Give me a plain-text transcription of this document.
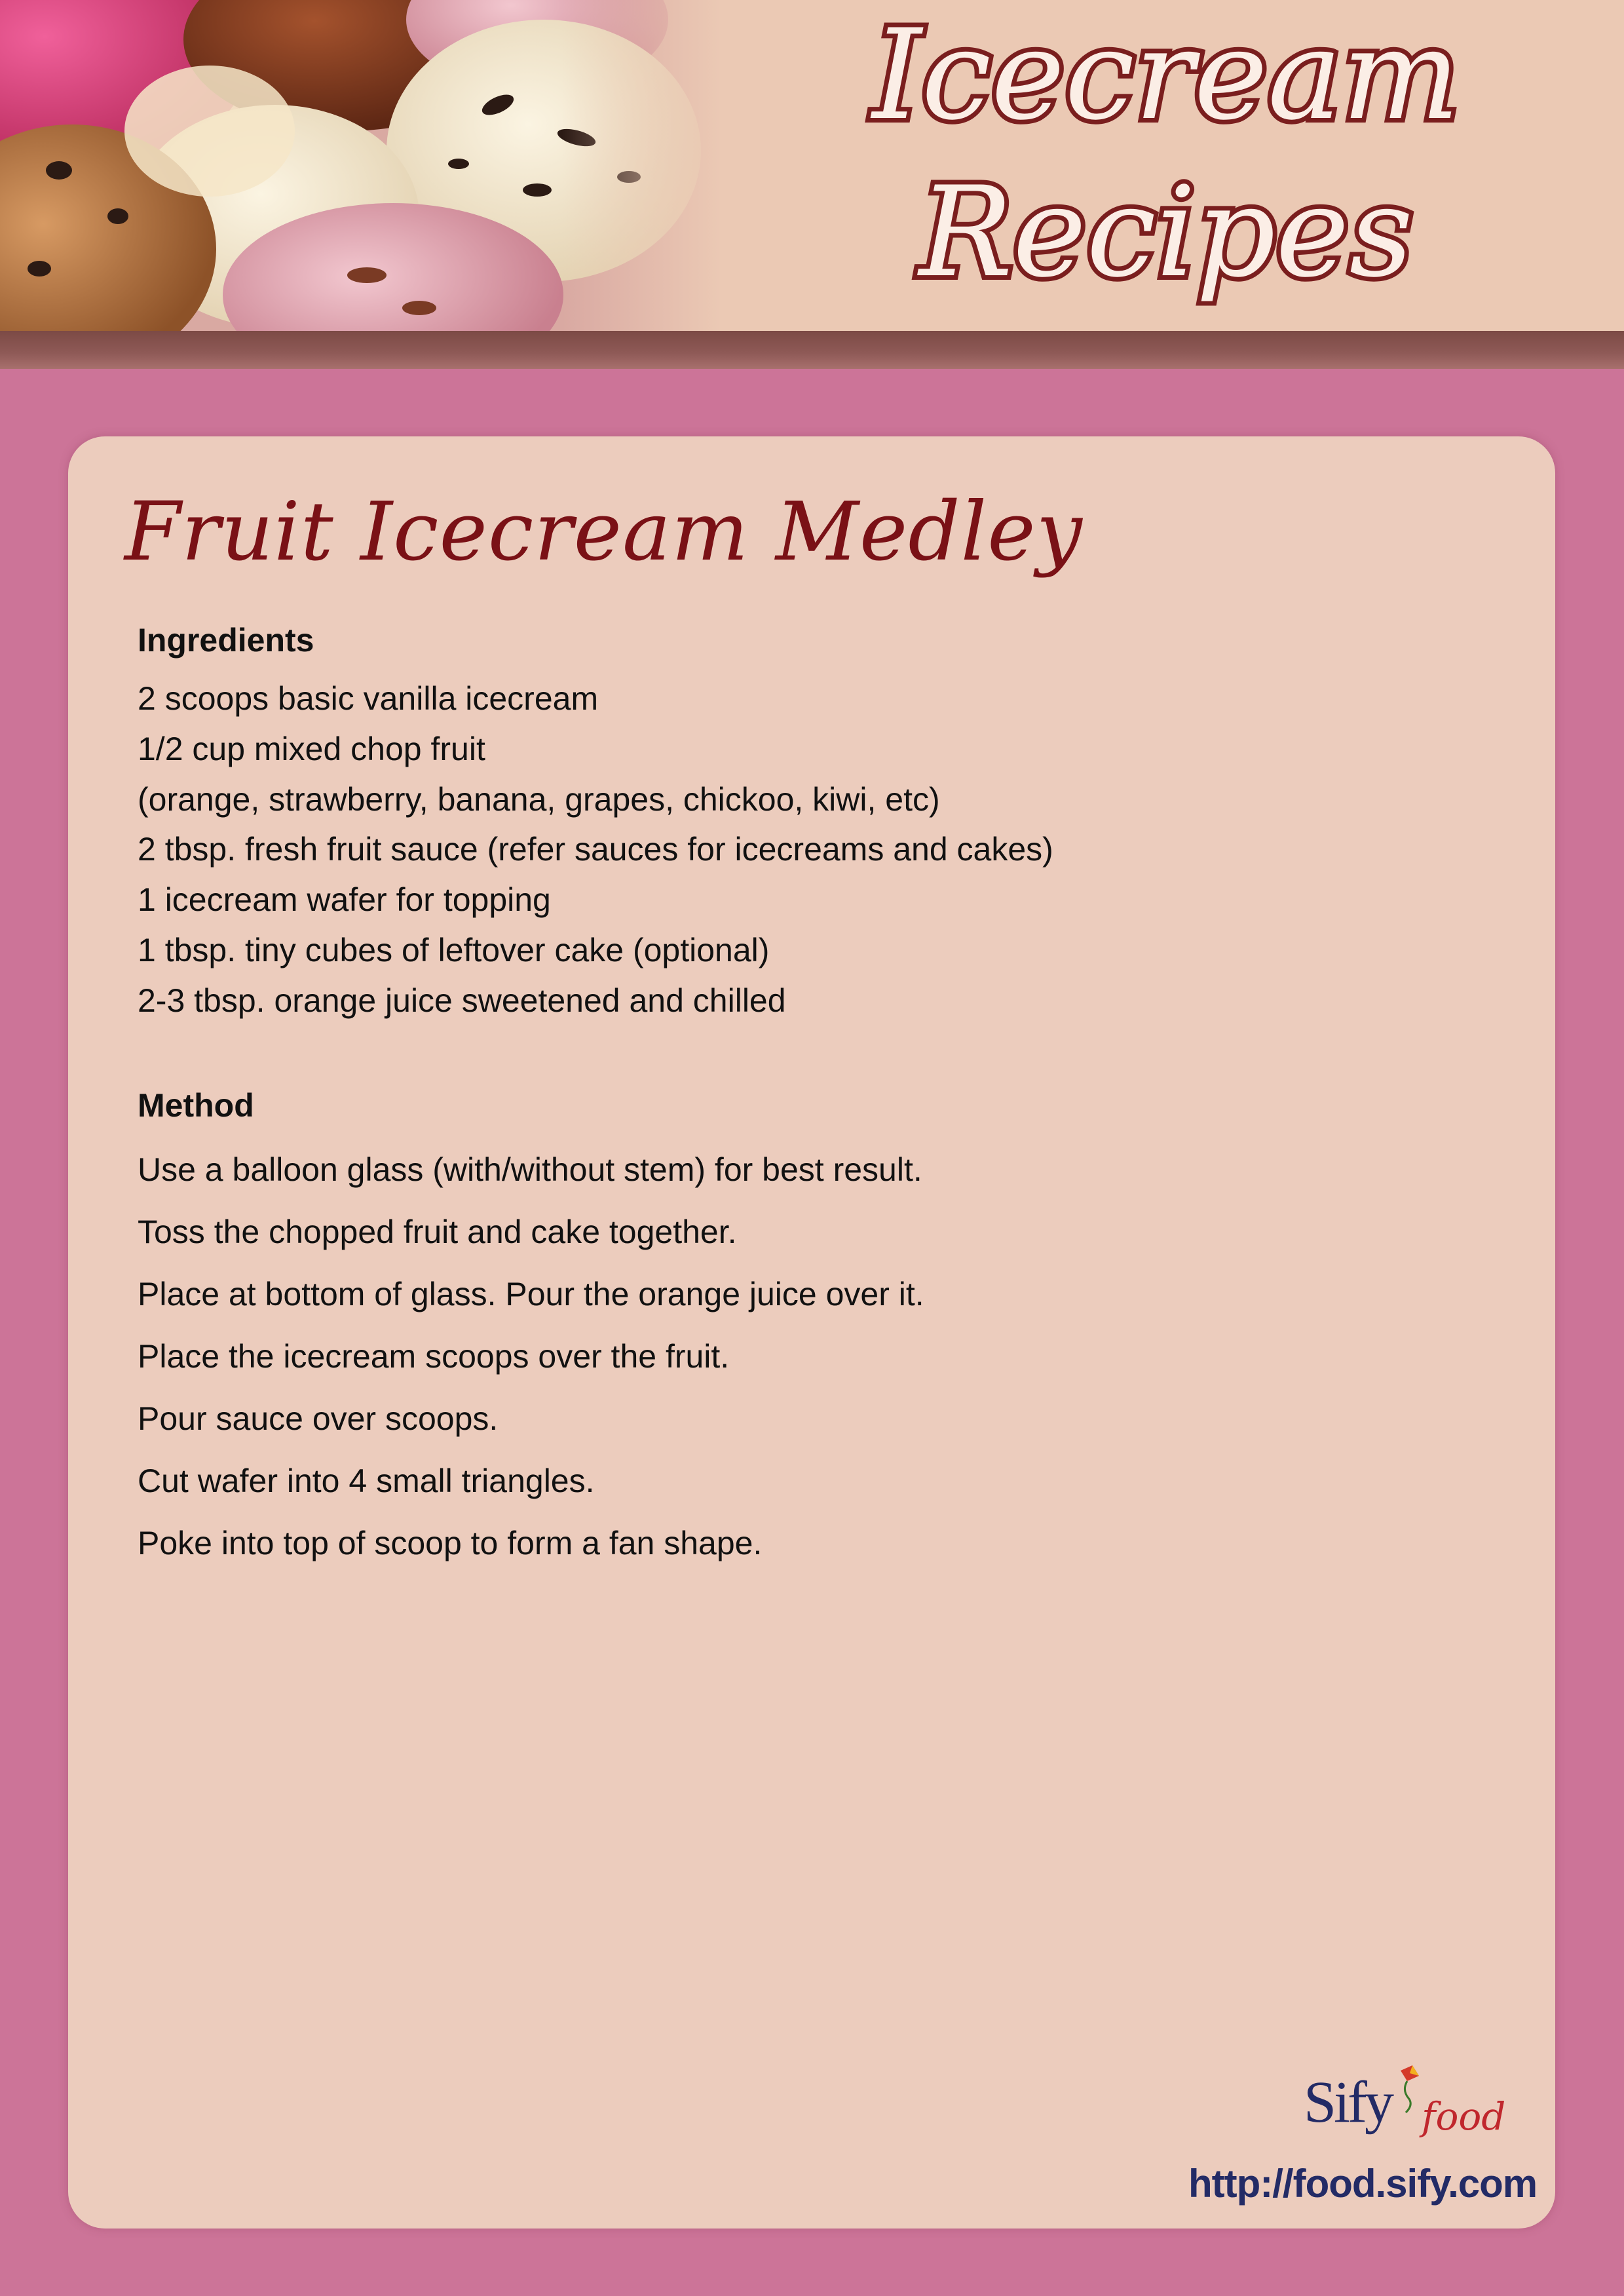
Icecream
Recipes
Fruit Icecream Medley
Ingredients
2 scoops basic vanilla icecream
1/2 cup mixed chop fruit
(orange, strawberry, banana, grapes, chickoo, kiwi, etc)
2 tbsp. fresh fruit sauce (refer sauces for icecreams and cakes)
1 icecream wafer for topping
1 tbsp. tiny cubes of leftover cake (optional)
2-3 tbsp. orange juice sweetened and chilled
Method
Use a balloon glass (with/without stem) for best result.
Toss the chopped fruit and cake together.
Place at bottom of glass. Pour the orange juice over it.
Place the icecream scoops over the fruit.
Pour sauce over scoops.
Cut wafer into 4 small triangles.
Poke into top of scoop to form a fan shape.
Sify food

http://food.sify.com
